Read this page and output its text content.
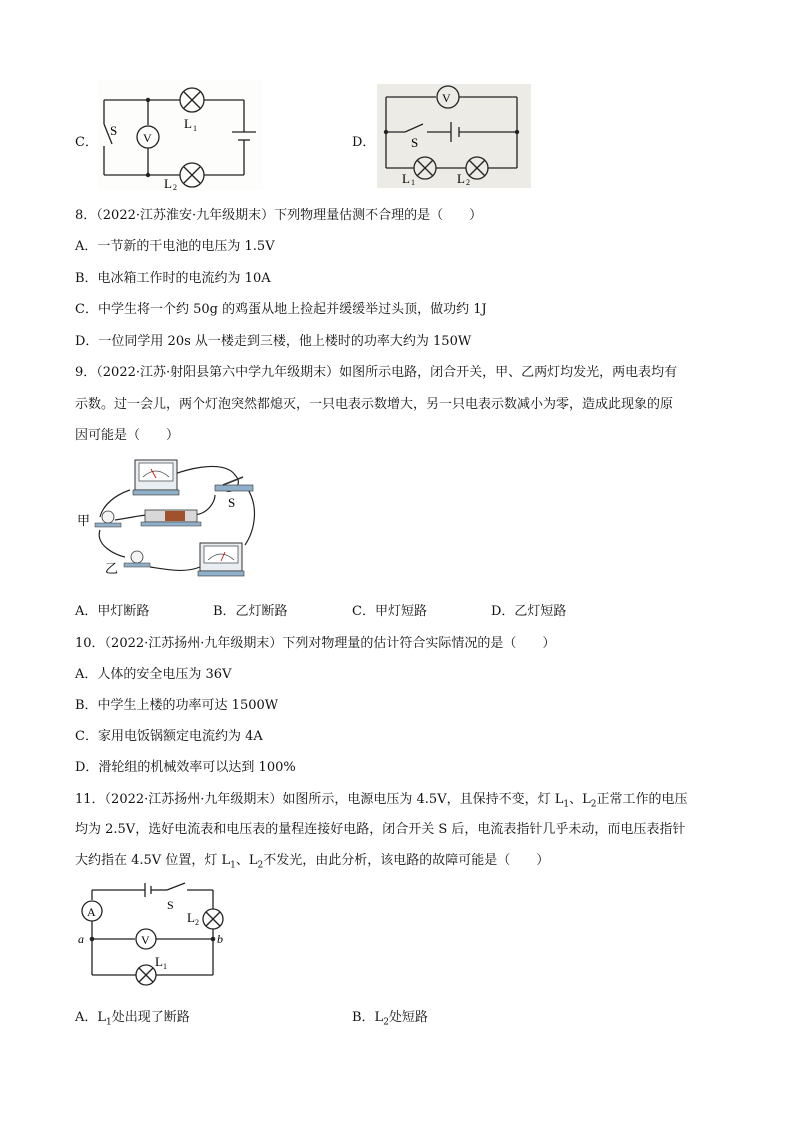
C．
S V
L 1
L 2
D．
V
S
L 1	L 2
8．（2022·江苏淮安·九年级期末）下列物理量估测不合理的是（　　）
A．一节新的干电池的电压为 1.5V
B．电冰箱工作时的电流约为 10A
C．中学生将一个约 50g 的鸡蛋从地上捡起并缓缓举过头顶，做功约 1J
D．一位同学用 20s 从一楼走到三楼，他上楼时的功率大约为 150W
9．（2022·江苏·射阳县第六中学九年级期末）如图所示电路，闭合开关，甲、乙两灯均发光，两电表均有
示数。过一会儿，两个灯泡突然都熄灭，一只电表示数增大，另一只电表示数减小为零，造成此现象的原
因可能是（　　）
S
甲
乙
A．甲灯断路	B．乙灯断路	C．甲灯短路	D．乙灯短路
10．（2022·江苏扬州·九年级期末）下列对物理量的估计符合实际情况的是（　　）
A．人体的安全电压为 36V
B．中学生上楼的功率可达 1500W
C．家用电饭锅额定电流约为 4A
D．滑轮组的机械效率可以达到 100%
11．（2022·江苏扬州·九年级期末）如图所示，电源电压为 4.5V，且保持不变，灯 $L_1$、$L_2$正常工作的电压
均为 2.5V，选好电流表和电压表的量程连接好电路，闭合开关 S 后，电流表指针几乎未动，而电压表指针
大约指在 4.5V 位置，灯 $L_1$、$L_2$不发光，由此分析，该电路的故障可能是（　　）
A
V
S
a	b
L 2
L 1
A．$L_1$处出现了断路	B．$L_2$处短路
